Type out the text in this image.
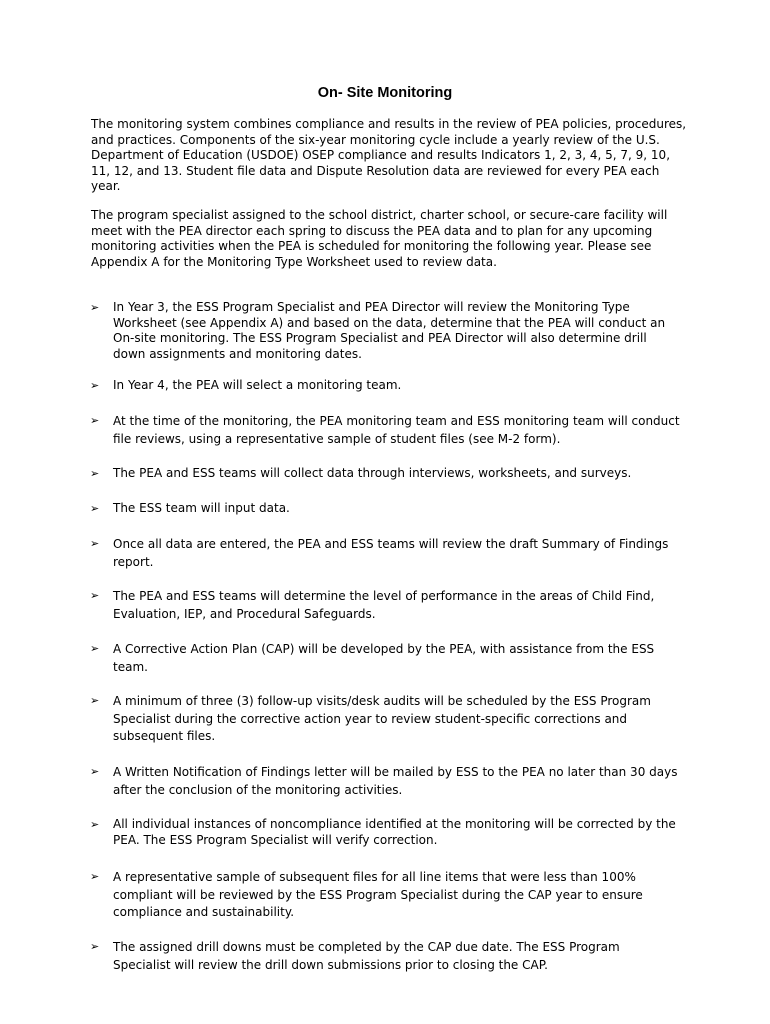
On- Site Monitoring

The monitoring system combines compliance and results in the review of PEA policies, procedures, and practices. Components of the six-year monitoring cycle include a yearly review of the U.S. Department of Education (USDOE) OSEP compliance and results Indicators 1, 2, 3, 4, 5, 7, 9, 10, 11, 12, and 13. Student file data and Dispute Resolution data are reviewed for every PEA each year.

The program specialist assigned to the school district, charter school, or secure-care facility will meet with the PEA director each spring to discuss the PEA data and to plan for any upcoming monitoring activities when the PEA is scheduled for monitoring the following year. Please see Appendix A for the Monitoring Type Worksheet used to review data.

➢	In Year 3, the ESS Program Specialist and PEA Director will review the Monitoring Type Worksheet (see Appendix A) and based on the data, determine that the PEA will conduct an On-site monitoring. The ESS Program Specialist and PEA Director will also determine drill down assignments and monitoring dates.
➢	In Year 4, the PEA will select a monitoring team.
➢	At the time of the monitoring, the PEA monitoring team and ESS monitoring team will conduct file reviews, using a representative sample of student files (see M-2 form).
➢	The PEA and ESS teams will collect data through interviews, worksheets, and surveys.
➢	The ESS team will input data.
➢	Once all data are entered, the PEA and ESS teams will review the draft Summary of Findings report.
➢	The PEA and ESS teams will determine the level of performance in the areas of Child Find, Evaluation, IEP, and Procedural Safeguards.
➢	A Corrective Action Plan (CAP) will be developed by the PEA, with assistance from the ESS team.
➢	A minimum of three (3) follow-up visits/desk audits will be scheduled by the ESS Program Specialist during the corrective action year to review student-specific corrections and subsequent files.
➢	A Written Notification of Findings letter will be mailed by ESS to the PEA no later than 30 days after the conclusion of the monitoring activities.
➢	All individual instances of noncompliance identified at the monitoring will be corrected by the PEA. The ESS Program Specialist will verify correction.
➢	A representative sample of subsequent files for all line items that were less than 100% compliant will be reviewed by the ESS Program Specialist during the CAP year to ensure compliance and sustainability.
➢	The assigned drill downs must be completed by the CAP due date. The ESS Program Specialist will review the drill down submissions prior to closing the CAP.
